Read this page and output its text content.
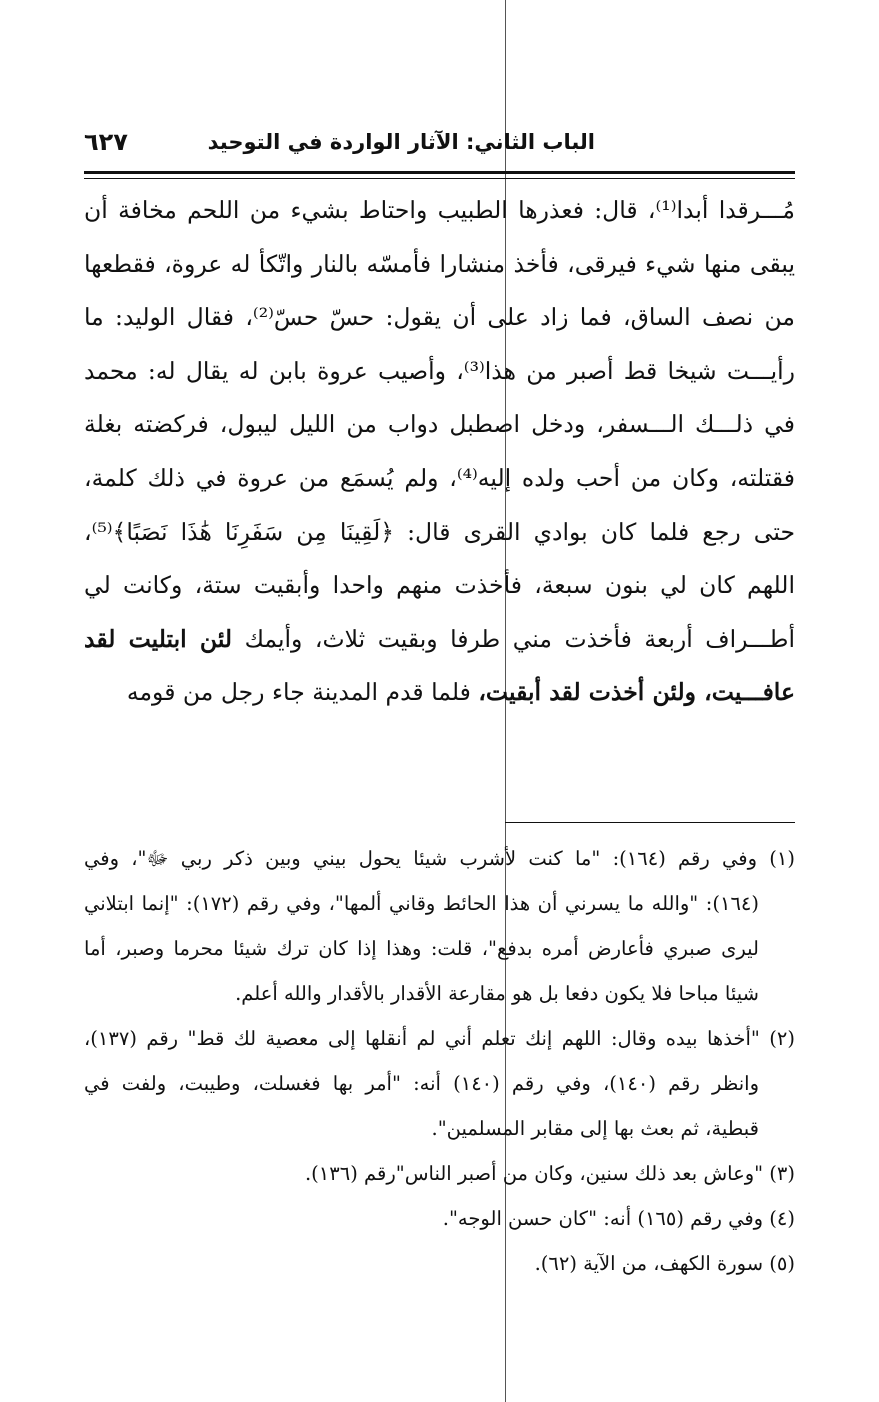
الباب الثاني: الآثار الواردة في التوحيد
٦٢٧
مُـــرقدا أبدا⁽¹⁾، قال: فعذرها الطبيب واحتاط بشيء من اللحم مخافة أن
يبقى منها شيء فيرقى، فأخذ منشارا فأمسّه بالنار واتّكأ له عروة، فقطعها
من نصف الساق، فما زاد على أن يقول: حسّ حسّ⁽²⁾، فقال الوليد: ما
رأيـــت شيخا قط أصبر من هذا⁽³⁾، وأصيب عروة بابن له يقال له: محمد
في ذلـــك الـــسفر، ودخل اصطبل دواب من الليل ليبول، فركضته بغلة
فقتلته، وكان من أحب ولده إليه⁽⁴⁾، ولم يُسمَع من عروة في ذلك كلمة،
حتى رجع فلما كان بوادي القرى قال: ﴿لَقِينَا مِن سَفَرِنَا هَٰذَا نَصَبًا﴾⁽⁵⁾،
اللهم كان لي بنون سبعة، فأخذت منهم واحدا وأبقيت ستة، وكانت لي
أطـــراف أربعة فأخذت مني طرفا وبقيت ثلاث، وأيمك لئن ابتليت لقد
عافـــيت، ولئن أخذت لقد أبقيت، فلما قدم المدينة جاء رجل من قومه
(١) وفي رقم (١٦٤): "ما كنت لأشرب شيئا يحول بيني وبين ذكر ربي ﷻ"، وفي
(١٦٤): "والله ما يسرني أن هذا الحائط وقاني ألمها"، وفي رقم (١٧٢): "إنما ابتلاني
ليرى صبري فأعارض أمره بدفع"، قلت: وهذا إذا كان ترك شيئا محرما وصبر، أما
شيئا مباحا فلا يكون دفعا بل هو مقارعة الأقدار بالأقدار والله أعلم.
(٢) "أخذها بيده وقال: اللهم إنك تعلم أني لم أنقلها إلى معصية لك قط" رقم (١٣٧)،
وانظر رقم (١٤٠)، وفي رقم (١٤٠) أنه: "أمر بها فغسلت، وطيبت، ولفت في
قبطية، ثم بعث بها إلى مقابر المسلمين".
(٣) "وعاش بعد ذلك سنين، وكان من أصبر الناس"رقم (١٣٦).
(٤) وفي رقم (١٦٥) أنه: "كان حسن الوجه".
(٥) سورة الكهف، من الآية (٦٢).
